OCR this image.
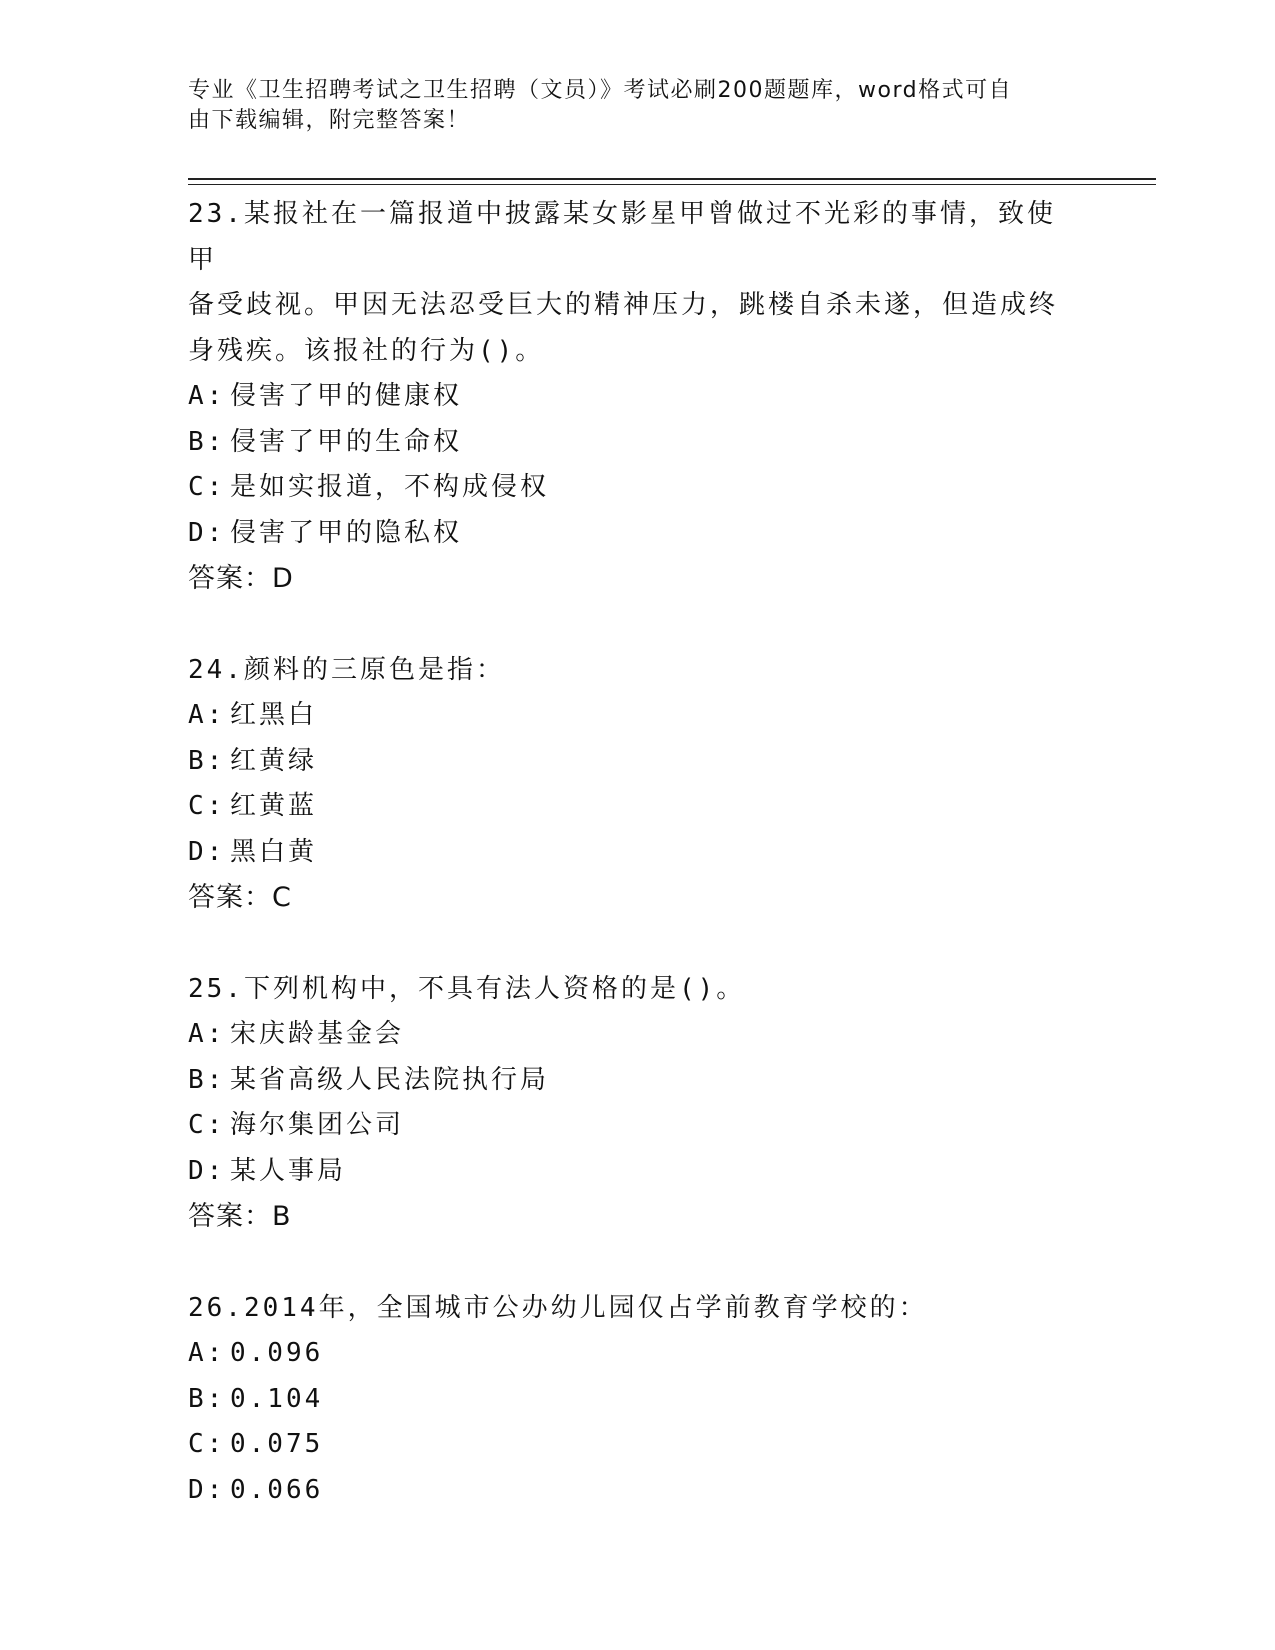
专业《卫生招聘考试之卫生招聘（文员）》考试必刷200题题库，word格式可自
由下载编辑，附完整答案！
23.某报社在一篇报道中披露某女影星甲曾做过不光彩的事情，致使甲
备受歧视。甲因无法忍受巨大的精神压力，跳楼自杀未遂，但造成终
身残疾。该报社的行为()。
A: 侵害了甲的健康权
B: 侵害了甲的生命权
C: 是如实报道，不构成侵权
D: 侵害了甲的隐私权
答案：D
24.颜料的三原色是指：
A: 红黑白
B: 红黄绿
C: 红黄蓝
D: 黑白黄
答案：C
25.下列机构中，不具有法人资格的是()。
A: 宋庆龄基金会
B: 某省高级人民法院执行局
C: 海尔集团公司
D: 某人事局
答案：B
26.2014年，全国城市公办幼儿园仅占学前教育学校的：
A: 0.096
B: 0.104
C: 0.075
D: 0.066
